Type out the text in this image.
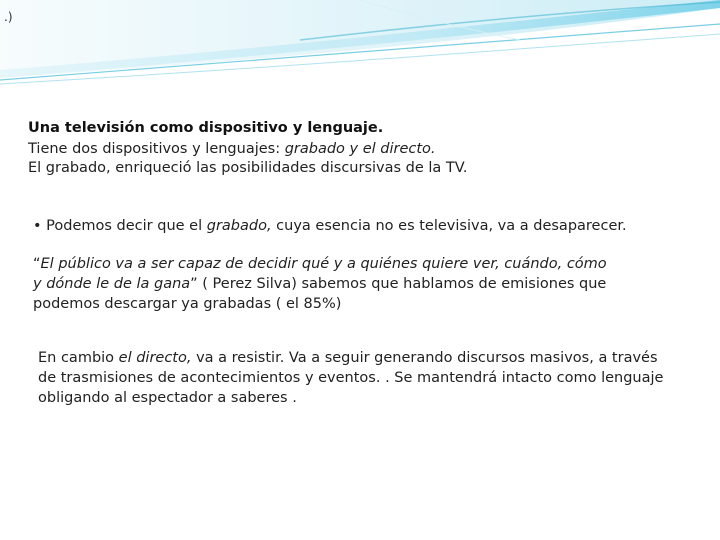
.)
Una televisión como dispositivo y lenguaje.
Tiene dos dispositivos y lenguajes: grabado y el directo.
El grabado, enriqueció las posibilidades discursivas de la TV.
• Podemos decir que el grabado, cuya esencia no es televisiva, va a desaparecer.
“El público va a ser capaz de decidir qué y a quiénes quiere ver, cuándo, cómo
y dónde le de la gana” ( Perez Silva) sabemos que hablamos de emisiones que
podemos descargar ya grabadas ( el 85%)
En cambio el directo, va a resistir. Va a seguir generando discursos masivos, a través
de trasmisiones de acontecimientos y eventos. . Se mantendrá intacto como lenguaje
obligando al espectador a saberes .
